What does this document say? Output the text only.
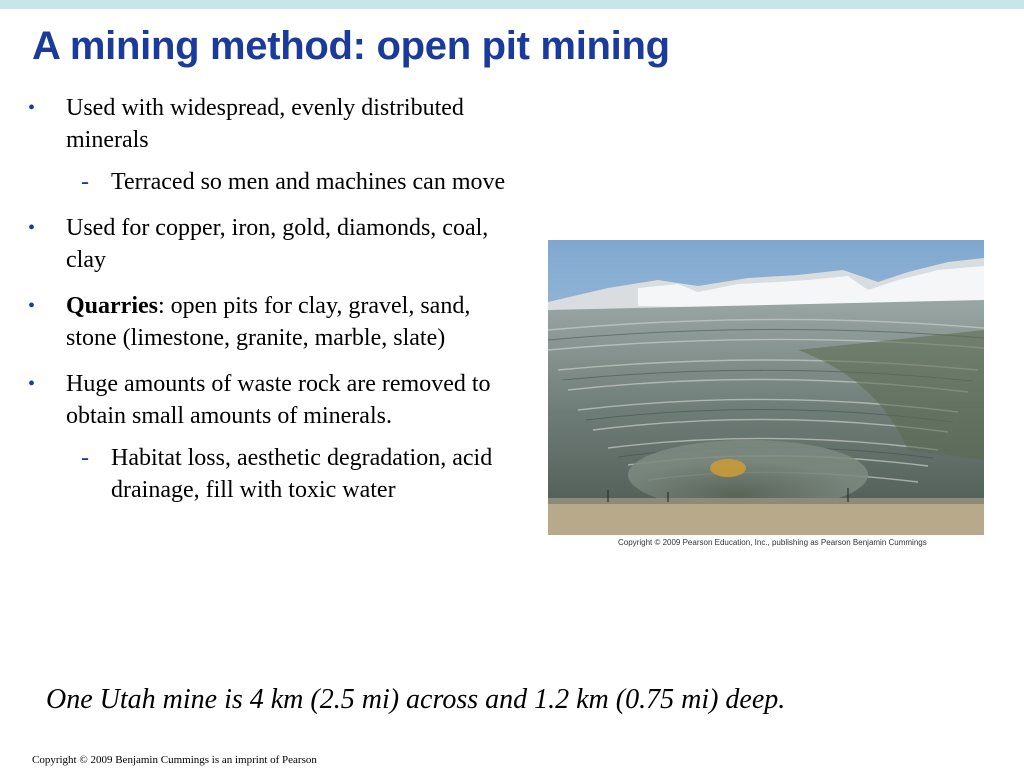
A mining method: open pit mining
• Used with widespread, evenly distributed minerals
- Terraced so men and machines can move
• Used for copper, iron, gold, diamonds, coal, clay
• Quarries: open pits for clay, gravel, sand, stone (limestone, granite, marble, slate)
• Huge amounts of waste rock are removed to obtain small amounts of minerals.
- Habitat loss, aesthetic degradation, acid drainage, fill with toxic water
Copyright © 2009 Pearson Education, Inc., publishing as Pearson Benjamin Cummings

One Utah mine is 4 km (2.5 mi) across and 1.2 km (0.75 mi) deep.

Copyright © 2009 Benjamin Cummings is an imprint of Pearson
